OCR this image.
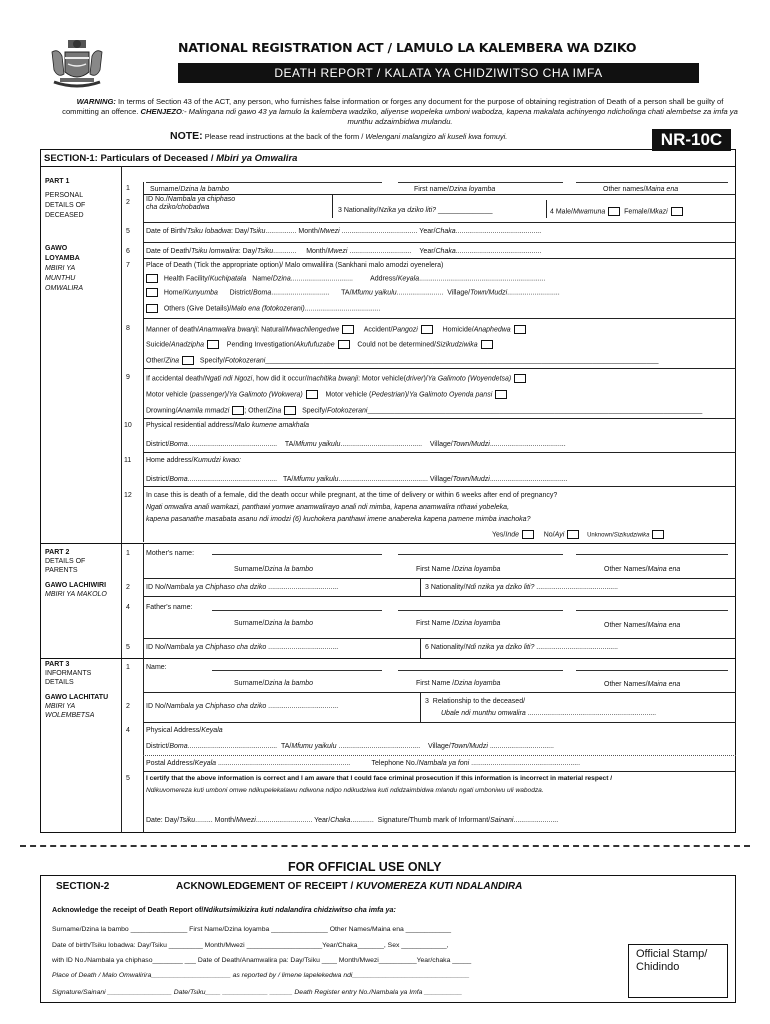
NATIONAL REGISTRATION ACT / LAMULO LA KALEMBERA WA DZIKO
DEATH REPORT / KALATA YA CHIDZIWITSO CHA IMFA
WARNING: In terms of Section 43 of the ACT, any person, who furnishes false information or forges any document for the purpose of obtaining registration of Death of a person shall be guilty of committing an offence. CHENJEZO:- Malingana ndi gawo 43 ya lamulo la kalembera wadziko, aliyense wopeleka umboni wabodza, kapena makalata achinyengo ndicholinga chati alembetse za imfa ya munthu adzaimbidwa mulandu.
NOTE: Please read instructions at the back of the form / Welengani malangizo ali kuseli kwa fomuyi.	NR-10C
SECTION-1: Particulars of Deceased / Mbiri ya Omwalira
PART 1
PERSONAL
DETAILS OF
DECEASED
GAWO
LOYAMBA
MBIRI YA
MUNTHU
OMWALIRA
1	Surname/Dzina la bambo	First name/Dzina loyamba	Other names/Maina ena
2 ID No./Nambala ya chiphaso
cha dziko/chobadwa	3 Nationality/Nzika ya dziko liti? ______________	4 Male/Mwamuna	Female/Mkazi
5 Date of Birth/Tsiku lobadwa: Day/Tsiku................ Month/Mwezi ....................................... Year/Chaka............................................
6 Date of Death/Tsiku lomwalira: Day/Tsiku............     Month/Mwezi ................................    Year/Chaka............................................
7 Place of Death (Tick the appropriate option)/ Malo omwalilira (Sankhani malo amodzi oyenelera)
Health Facility/Kuchipatala Name/Dzina................................         Address/Keyala.................................................................
Home/Kunyumba District/Boma..............................      TA/Mfumu yaikulu........................  Village/Town/Mudzi...........................
Others (Give Details)/Malo ena (fotokozerani).......................................
8 Manner of death/Anamwalira bwanji: Natural/Mwachilengedwe	Accident/Pangozi	Homicide/Anaphedwa
Suicide/Anadzipha	Pending Investigation/Akufufuzabe	Could not be determined/Sizikudziwika
Other/Zina	Specify/Fotokozerani_____________________________________________________________________________________________________
9 If accidental death/Ngati ndi Ngozi, how did it occur/Inachitika bwanji: Motor vehicle(driver)/Ya Galimoto (Woyendetsa)
Motor vehicle (passenger)/Ya Galimoto (Wokwera)	Motor vehicle (Pedestrian)/Ya Galimoto Oyenda pansi
Drowning/Anamila mmadzi ; Other/Zina	Specify/Fotokozerani______________________________________________________________________________________
10 Physical residential address/Malo kumene amakhala
District/Boma..............................................    TA/Mfumu yaikulu..........................................    Village/Town/Mudzi.......................................
11 Home address/Kumudzi kwao:
District/Boma..............................................   TA/Mfumu yaikulu.............................................. Village/Town/Mudzi........................................
12 In case this is death of a female, did the death occur while pregnant, at the time of delivery or within 6 weeks after end of pregnancy?
Ngati omwalira anali wamkazi, panthawi yomwe anamwalirayo anali ndi mimba, kapena anamwalira nthawi yobeleka,
kapena pasanathe masabata asanu ndi imodzi (6) kuchokera panthawi imene anabereka kapena pamene mimba inachoka?
Yes/Inde	No/Ayi	Unknown/Sizikudziwika
PART 2
DETAILS OF
PARENTS
GAWO LACHIWIRI
MBIRI YA MAKOLO
1 Mother's name:
Surname/Dzina la bambo	First Name /Dzina loyamba	Other Names/Maina ena
2 ID No/Nambala ya Chiphaso cha dziko ....................................	3 Nationality/Ndi nzika ya dziko liti? ..........................................
4 Father's name:
Surname/Dzina la bambo	First Name /Dzina loyamba	Other Names/Maina ena
5 ID No/Nambala ya Chiphaso cha dziko ....................................	6 Nationality/Ndi nzika ya dziko liti? ..........................................
PART 3
INFORMANTS
DETAILS
GAWO LACHITATU
MBIRI YA
WOLEMBETSA
1 Name:
Surname/Dzina la bambo	First Name /Dzina loyamba	Other Names/Maina ena
2 ID No/Nambala ya Chiphaso cha dziko ....................................
3  Relationship to the deceased/
Ubale ndi munthu omwalira ..................................................................
4 Physical Address/Keyala
District/Boma..............................................  TA/Mfumu yaikulu ..........................................    Village/Town/Mudzi .................................
Postal Address/Keyala ....................................................................           Telephone No./Nambala ya foni ........................................................
5 I certify that the above information is correct and I am aware that I could face criminal prosecution if this information is incorrect in material respect /
Ndikuvomereza kuti umboni omwe ndikupelekalawu ndiwona ndipo ndikudziwa kuti ndidzaimbidwa mlandu ngati umboniwu uli wabodza.
Date: Day/Tsiku......... Month/Mwezi............................. Year/Chaka............  Signature/Thumb mark of Informant/Sainani.......................
FOR OFFICIAL USE ONLY
SECTION-2	ACKNOWLEDGEMENT OF RECEIPT / KUVOMEREZA KUTI NDALANDIRA
Acknowledge the receipt of Death Report of/Ndikutsimikizira kuti ndalandira chidziwitso cha imfa ya:
Surname/Dzina la bambo _______________ First Name/Dzina loyamba _______________ Other Names/Maina ena ____________
Date of birth/Tsiku lobadwa: Day/Tsiku _________ Month/Mwezi ____________________Year/Chaka_______, Sex ____________,
with ID No./Nambala ya chiphaso________ ___ Date of Death/Anamwalira pa: Day/Tsiku ____ Month/Mwezi__________Year/chaka _____
Place of Death / Malo Omwalirira_____________________ as reported by / limene lapelekedwa ndi_______________________________
Signature/Sainani _________________ Date/Tsiku____ ____________ ______ Death Register entry No./Nambala ya Imfa __________
Official Stamp/
Chidindo
